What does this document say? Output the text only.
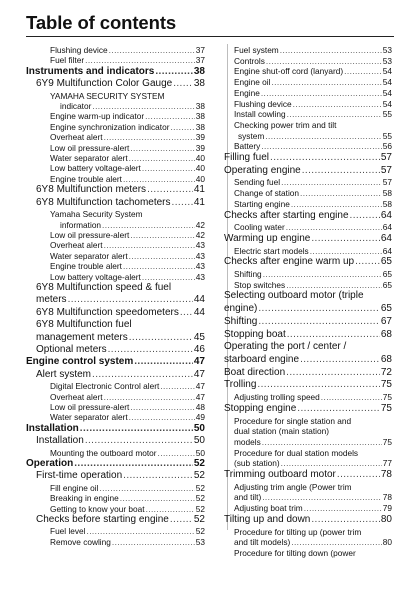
Table of contents
Flushing device .....	37
Fuel filter .....	37
Instruments and indicators .....	38
6Y9 Multifunction Color Gauge ..... 38
YAMAHA SECURITY SYSTEM
indicator .....	38
Engine warm-up indicator .....	38
Engine synchronization indicator .....	38
Overheat alert .....	39
Low oil pressure-alert .....	39
Water separator alert .....	40
Low battery voltage-alert .....	40
Engine trouble alert .....	40
6Y8 Multifunction meters .....	41
6Y8 Multifunction tachometers ..... 41
Yamaha Security System
information .....	42
Low oil pressure-alert .....	42
Overheat alert .....	43
Water separator alert .....	43
Engine trouble alert .....	43
Low battery voltage-alert .....	43
6Y8 Multifunction speed & fuel
meters .....	44
6Y8 Multifunction speedometers ..... 44
6Y8 Multifunction fuel
management meters .....	45
Optional meters .....	46
Engine control system .....	47
Alert system .....	47
Digital Electronic Control alert .....	47
Overheat alert .....	47
Low oil pressure-alert .....	48
Water separator alert .....	49
Installation .....	50
Installation .....	50
Mounting the outboard motor .....	50
Operation .....	52
First-time operation .....	52
Fill engine oil .....	52
Breaking in engine .....	52
Getting to know your boat .....	52
Checks before starting engine .....	52
Fuel level .....	52
Remove cowling .....	53
Fuel system .....	53
Controls .....	53
Engine shut-off cord (lanyard) .....	54
Engine oil .....	54
Engine .....	54
Flushing device .....	54
Install cowling .....	55
Checking power trim and tilt
system .....	55
Battery .....	56
Filling fuel .....	57
Operating engine .....	57
Sending fuel .....	57
Change of station .....	58
Starting engine .....	58
Checks after starting engine .....	64
Cooling water .....	64
Warming up engine .....	64
Electric start models .....	64
Checks after engine warm up .....	65
Shifting .....	65
Stop switches .....	65
Selecting outboard motor (triple
engine) .....	65
Shifting .....	67
Stopping boat .....	68
Operating the port / center /
starboard engine .....	68
Boat direction .....	72
Trolling .....	75
Adjusting trolling speed .....	75
Stopping engine .....	75
Procedure for single station and
dual station (main station)
models .....	75
Procedure for dual station models
(sub station) .....	77
Trimming outboard motor .....	78
Adjusting trim angle (Power trim
and tilt) .....	78
Adjusting boat trim .....	79
Tilting up and down .....	80
Procedure for tilting up (power trim
and tilt models) .....	80
Procedure for tilting down (power
